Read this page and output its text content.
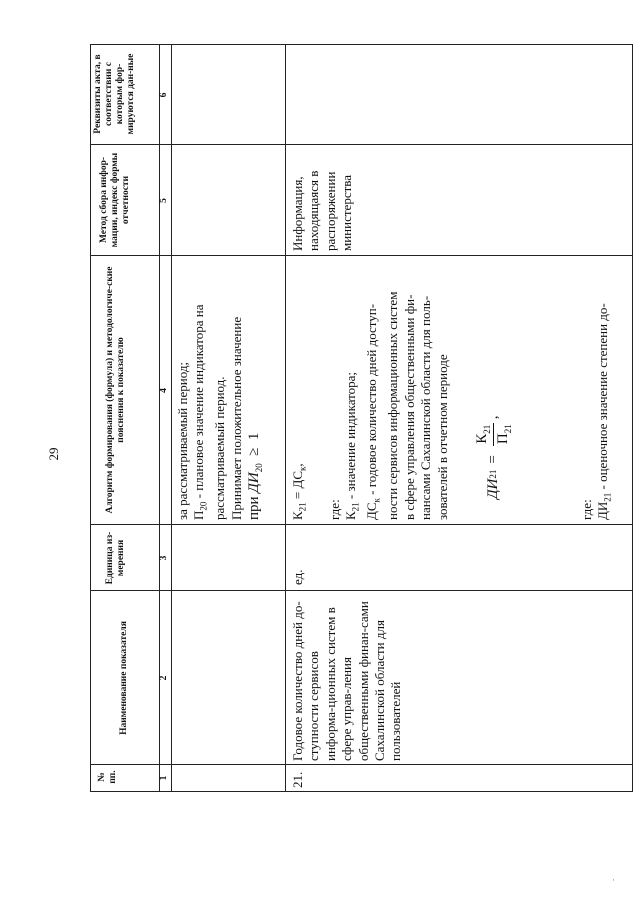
29
№ пп.
Наименование показателя
Единица из-мерения
Алгоритм формирования (формула) и методологиче-ские пояснения к показателю
Метод сбора инфор-мации, индекс формы отчетности
Реквизиты акта, в соответствии с которым фор-мируются дан-ные
1
2
3
4
5
6
за рассматриваемый период; $П_{20}$ - плановое значение индикатора на рассматриваемый период. Принимает положительное значение при $ДИ_{20} \ge 1$
21.
Годовое количество дней до-ступности сервисов информа-ционных систем в сфере управ-ления общественными финан-сами Сахалинской области для пользователей
ед.
$К_{21} = ДС_к$,
где: $К_{21}$ - значение индикатора;
$ДС_к$ - годовое количество дней доступ- ности сервисов информационных систем в сфере управления общественными фи- нансами Сахалинской области для поль- зователей в отчетном периоде ДИ
21
=
$К_{21}$
$П_{21}$
,
где: $ДИ_{21}$ - оценочное значение степени до-
Информация, находящаяся в распоряжении министерства
·
